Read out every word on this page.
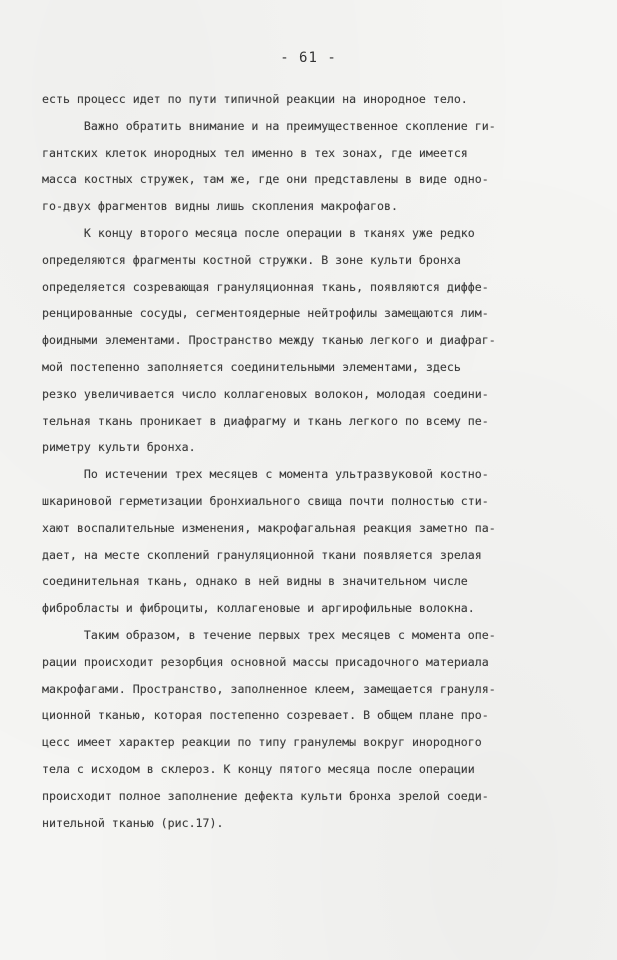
- 61 -
есть процесс идет по пути типичной реакции на инородное тело.
Важно обратить внимание и на преимущественное скопление ги-
гантских клеток инородных тел именно в тех зонах, где имеется
масса костных стружек, там же, где они представлены в виде одно-
го-двух фрагментов видны лишь скопления макрофагов.
К концу второго месяца после операции в тканях уже редко
определяются фрагменты костной стружки. В зоне культи бронха
определяется созревающая грануляционная ткань, появляются диффе-
ренцированные сосуды, сегментоядерные нейтрофилы замещаются лим-
фоидными элементами. Пространство между тканью легкого и диафраг-
мой постепенно заполняется соединительными элементами, здесь
резко увеличивается число коллагеновых волокон, молодая соедини-
тельная ткань проникает в диафрагму и ткань легкого по всему пе-
риметру культи бронха.
По истечении трех месяцев с момента ультразвуковой костно-
шкариновой герметизации бронхиального свища почти полностью сти-
хают воспалительные изменения, макрофагальная реакция заметно па-
дает, на месте скоплений грануляционной ткани появляется зрелая
соединительная ткань, однако в ней видны в значительном числе
фибробласты и фиброциты, коллагеновые и аргирофильные волокна.
Таким образом, в течение первых трех месяцев с момента опе-
рации происходит резорбция основной массы присадочного материала
макрофагами. Пространство, заполненное клеем, замещается грануля-
ционной тканью, которая постепенно созревает. В общем плане про-
цесс имеет характер реакции по типу гранулемы вокруг инородного
тела с исходом в склероз. К концу пятого месяца после операции
происходит полное заполнение дефекта культи бронха зрелой соеди-
нительной тканью (рис.17).
